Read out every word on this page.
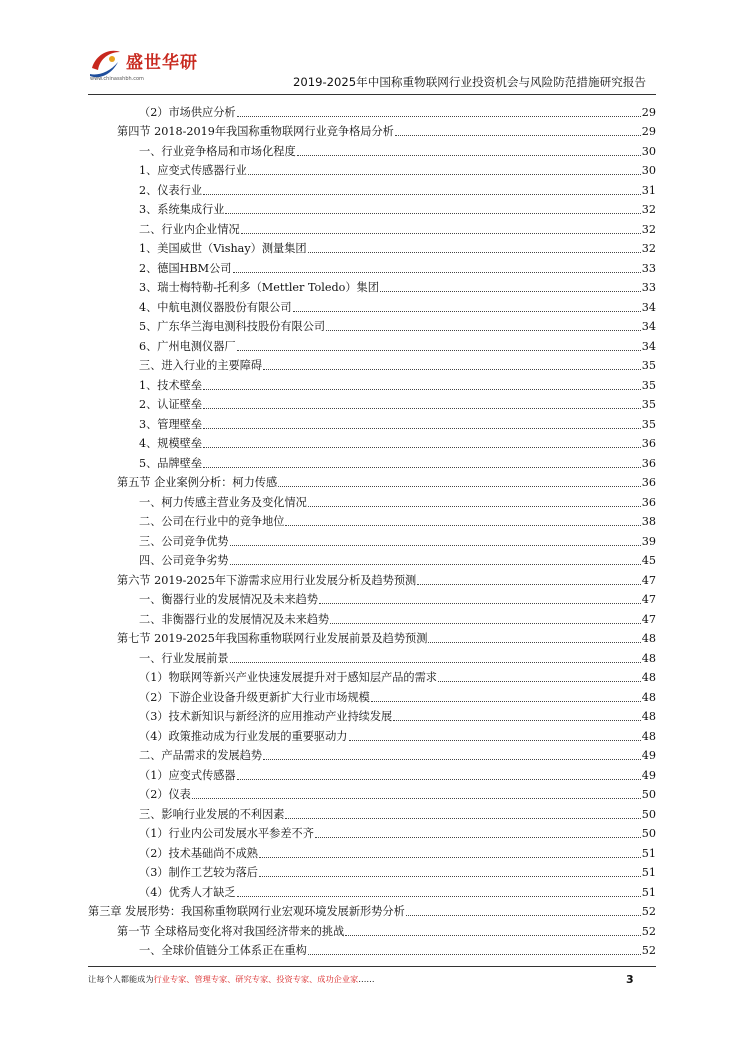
盛世华研
www.chinasshbh.com	2019-2025年中国称重物联网行业投资机会与风险防范措施研究报告
（2）市场供应分析	29
第四节 2018-2019年我国称重物联网行业竞争格局分析	29
一、行业竞争格局和市场化程度	30
1、应变式传感器行业	30
2、仪表行业	31
3、系统集成行业	32
二、行业内企业情况	32
1、美国威世（Vishay）测量集团	32
2、德国HBM公司	33
3、瑞士梅特勒-托利多（Mettler Toledo）集团	33
4、中航电测仪器股份有限公司	34
5、广东华兰海电测科技股份有限公司	34
6、广州电测仪器厂	34
三、进入行业的主要障碍	35
1、技术壁垒	35
2、认证壁垒	35
3、管理壁垒	35
4、规模壁垒	36
5、品牌壁垒	36
第五节 企业案例分析：柯力传感	36
一、柯力传感主营业务及变化情况	36
二、公司在行业中的竞争地位	38
三、公司竞争优势	39
四、公司竞争劣势	45
第六节 2019-2025年下游需求应用行业发展分析及趋势预测	47
一、衡器行业的发展情况及未来趋势	47
二、非衡器行业的发展情况及未来趋势	47
第七节 2019-2025年我国称重物联网行业发展前景及趋势预测	48
一、行业发展前景	48
（1）物联网等新兴产业快速发展提升对于感知层产品的需求	48
（2）下游企业设备升级更新扩大行业市场规模	48
（3）技术新知识与新经济的应用推动产业持续发展	48
（4）政策推动成为行业发展的重要驱动力	48
二、产品需求的发展趋势	49
（1）应变式传感器	49
（2）仪表	50
三、影响行业发展的不利因素	50
（1）行业内公司发展水平参差不齐	50
（2）技术基础尚不成熟	51
（3）制作工艺较为落后	51
（4）优秀人才缺乏	51
第三章 发展形势：我国称重物联网行业宏观环境发展新形势分析	52
第一节 全球格局变化将对我国经济带来的挑战	52
一、全球价值链分工体系正在重构	52
让每个人都能成为行业专家、管理专家、研究专家、投资专家、成功企业家……	3
